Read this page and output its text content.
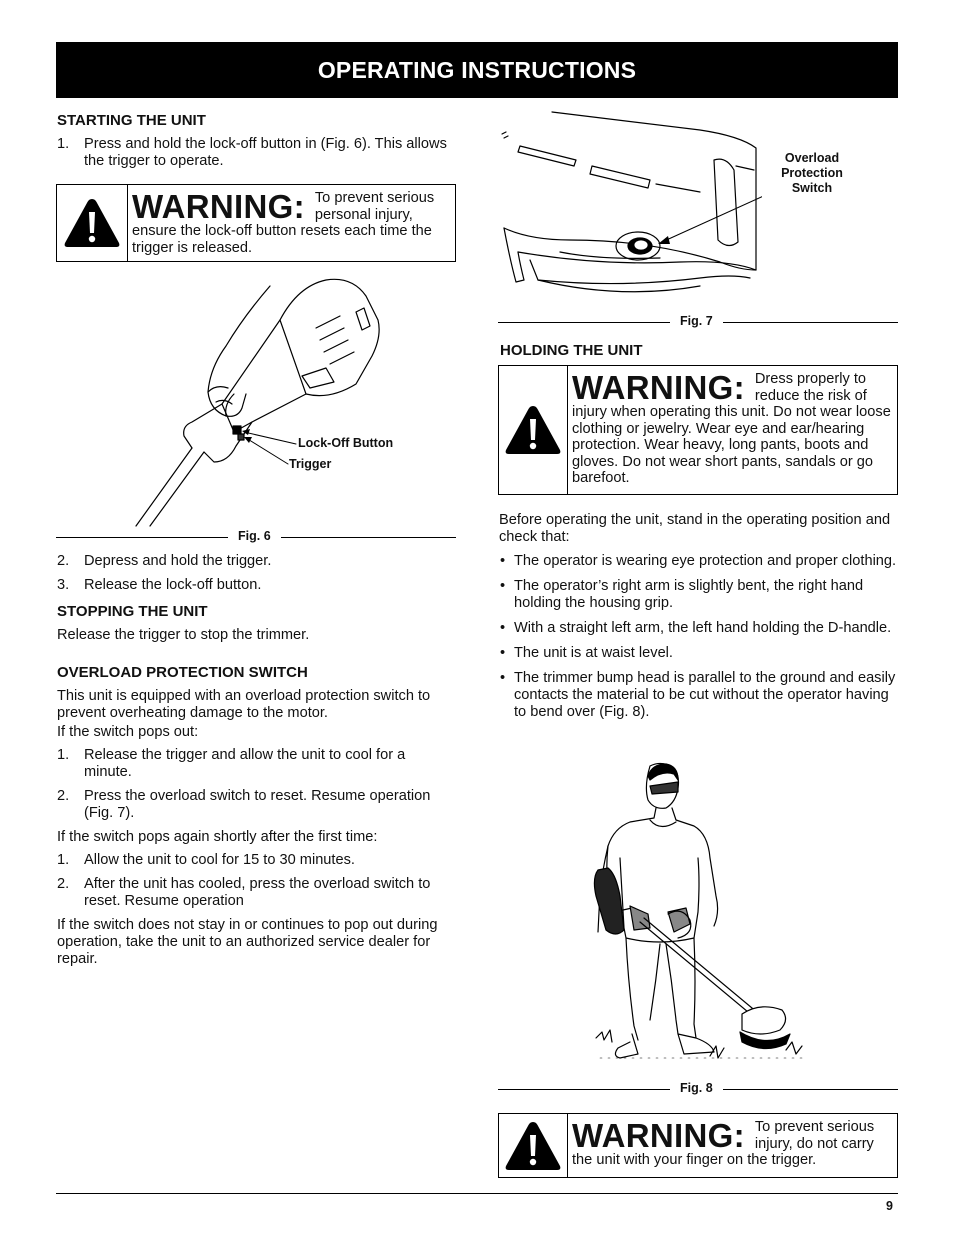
OPERATING INSTRUCTIONS
STARTING THE UNIT
1. Press and hold the lock-off button in (Fig. 6). This allows the trigger to operate.
WARNING: To prevent serious personal injury, ensure the lock-off button resets each time the trigger is released.
Lock-Off Button
Trigger
Fig. 6
2. Depress and hold the trigger.
3. Release the lock-off button.
STOPPING THE UNIT

Release the trigger to stop the trimmer.

OVERLOAD PROTECTION SWITCH

This unit is equipped with an overload protection switch to prevent overheating damage to the motor.

If the switch pops out:

1. Release the trigger and allow the unit to cool for a minute.
2. Press the overload switch to reset. Resume operation (Fig. 7).

If the switch pops again shortly after the first time:

1. Allow the unit to cool for 15 to 30 minutes.
2. After the unit has cooled, press the overload switch to reset. Resume operation

If the switch does not stay in or continues to pop out during operation, take the unit to an authorized service dealer for repair.

Overload Protection Switch
Fig. 7
HOLDING THE UNIT
WARNING: Dress properly to reduce the risk of injury when operating this unit. Do not wear loose clothing or jewelry. Wear eye and ear/hearing protection. Wear heavy, long pants, boots and gloves. Do not wear short pants, sandals or go barefoot.

Before operating the unit, stand in the operating position and check that:

• The operator is wearing eye protection and proper clothing.
• The operator’s right arm is slightly bent, the right hand holding the housing grip.
• With a straight left arm, the left hand holding the D-handle.
• The unit is at waist level.
• The trimmer bump head is parallel to the ground and easily contacts the material to be cut without the operator having to bend over (Fig. 8).
Fig. 8
WARNING: To prevent serious injury, do not carry the unit with your finger on the trigger.
9
